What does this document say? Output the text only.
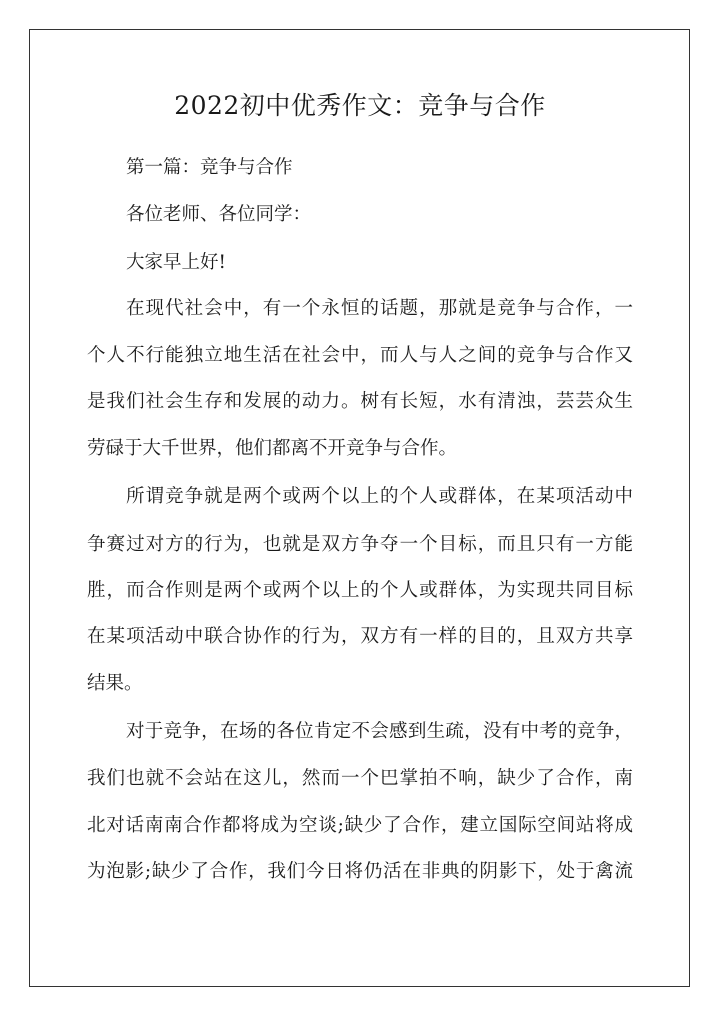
2022初中优秀作文：竞争与合作
第一篇：竞争与合作
各位老师、各位同学：
大家早上好!
在现代社会中，有一个永恒的话题，那就是竞争与合作，一
个人不行能独立地生活在社会中，而人与人之间的竞争与合作又
是我们社会生存和发展的动力。树有长短，水有清浊，芸芸众生
劳碌于大千世界，他们都离不开竞争与合作。
所谓竞争就是两个或两个以上的个人或群体，在某项活动中
争赛过对方的行为，也就是双方争夺一个目标，而且只有一方能
胜，而合作则是两个或两个以上的个人或群体，为实现共同目标
在某项活动中联合协作的行为，双方有一样的目的，且双方共享
结果。
对于竞争，在场的各位肯定不会感到生疏，没有中考的竞争，
我们也就不会站在这儿，然而一个巴掌拍不响，缺少了合作，南
北对话南南合作都将成为空谈;缺少了合作，建立国际空间站将成
为泡影;缺少了合作，我们今日将仍活在非典的阴影下，处于禽流
